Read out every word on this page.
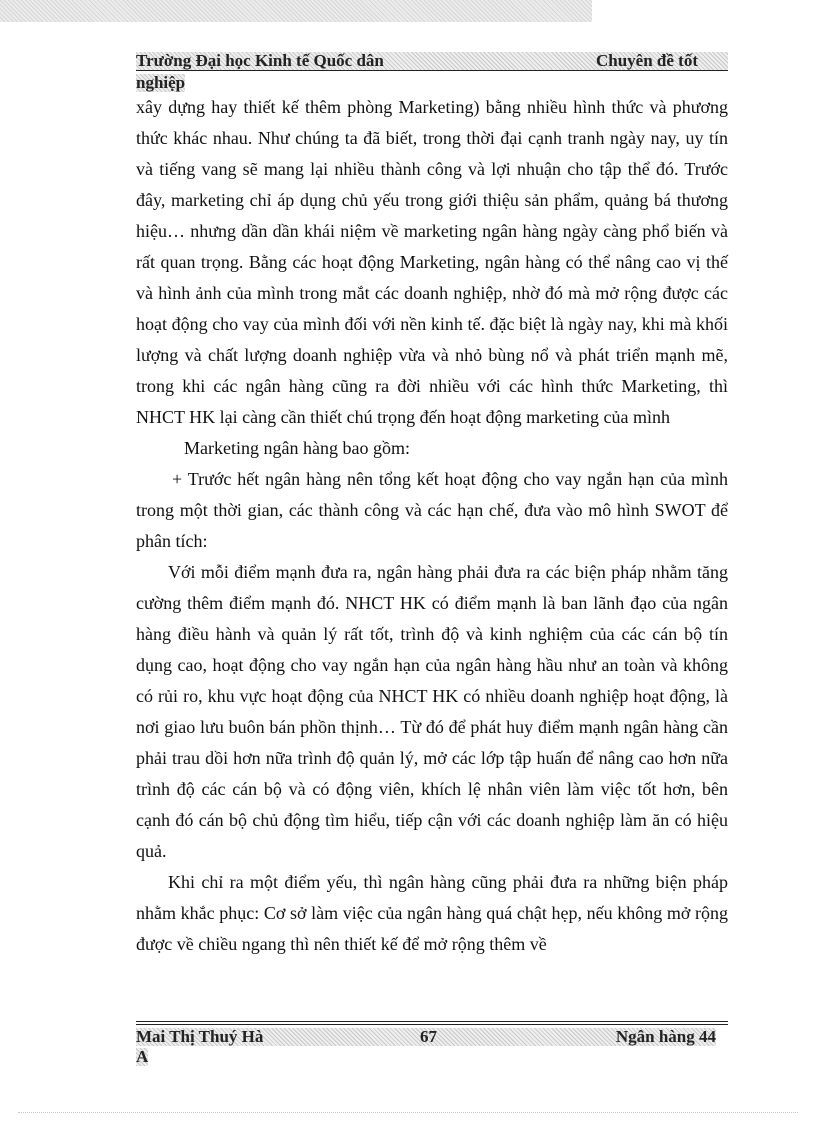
Trường Đại học Kinh tế Quốc dân	Chuyên đề tốt
nghiệp

xây dựng hay thiết kế thêm phòng Marketing) bằng nhiều hình thức và phương thức khác nhau. Như chúng ta đã biết, trong thời đại cạnh tranh ngày nay, uy tín và tiếng vang sẽ mang lại nhiều thành công và lợi nhuận cho tập thể đó. Trước đây, marketing chỉ áp dụng chủ yếu trong giới thiệu sản phẩm, quảng bá thương hiệu… nhưng dần dần khái niệm về marketing ngân hàng ngày càng phổ biến và rất quan trọng. Bằng các hoạt động Marketing, ngân hàng có thể nâng cao vị thế và hình ảnh của mình trong mắt các doanh nghiệp, nhờ đó mà mở rộng được các hoạt động cho vay của mình đối với nền kinh tế. đặc biệt là ngày nay, khi mà khối lượng và chất lượng doanh nghiệp vừa và nhỏ bùng nổ và phát triển mạnh mẽ, trong khi các ngân hàng cũng ra đời nhiều với các hình thức Marketing, thì NHCT HK lại càng cần thiết chú trọng đến hoạt động marketing của mình

Marketing ngân hàng bao gồm:

+ Trước hết ngân hàng nên tổng kết hoạt động cho vay ngắn hạn của mình trong một thời gian, các thành công và các hạn chế, đưa vào mô hình SWOT để phân tích:

Với mỗi điểm mạnh đưa ra, ngân hàng phải đưa ra các biện pháp nhằm tăng cường thêm điểm mạnh đó. NHCT HK có điểm mạnh là ban lãnh đạo của ngân hàng điều hành và quản lý rất tốt, trình độ và kinh nghiệm của các cán bộ tín dụng cao, hoạt động cho vay ngắn hạn của ngân hàng hầu như an toàn và không có rủi ro, khu vực hoạt động của NHCT HK có nhiều doanh nghiệp hoạt động, là nơi giao lưu buôn bán phồn thịnh… Từ đó để phát huy điểm mạnh ngân hàng cần phải trau dồi hơn nữa trình độ quản lý, mở các lớp tập huấn để nâng cao hơn nữa trình độ các cán bộ và có động viên, khích lệ nhân viên làm việc tốt hơn, bên cạnh đó cán bộ chủ động tìm hiểu, tiếp cận với các doanh nghiệp làm ăn có hiệu quả.

Khi chỉ ra một điểm yếu, thì ngân hàng cũng phải đưa ra những biện pháp nhằm khắc phục: Cơ sở làm việc của ngân hàng quá chật hẹp, nếu không mở rộng được về chiều ngang thì nên thiết kế để mở rộng thêm về

Mai Thị Thuý Hà	67	Ngân hàng 44
A
